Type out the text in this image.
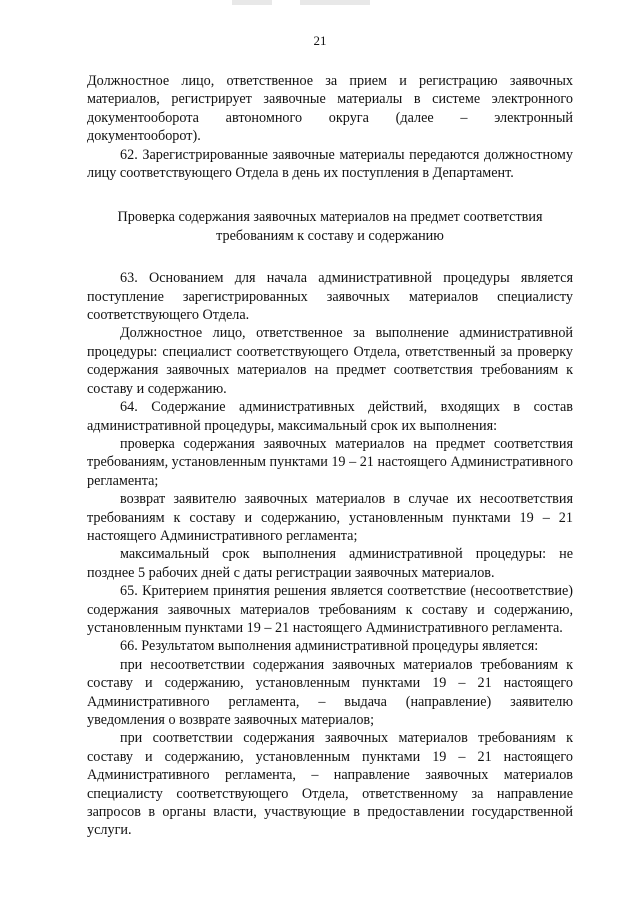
21

Должностное лицо, ответственное за прием и регистрацию заявочных материалов, регистрирует заявочные материалы в системе электронного документооборота автономного округа (далее – электронный документооборот).

62. Зарегистрированные заявочные материалы передаются должностному лицу соответствующего Отдела в день их поступления в Департамент.

Проверка содержания заявочных материалов на предмет соответствия
требованиям к составу и содержанию

63. Основанием для начала административной процедуры является поступление зарегистрированных заявочных материалов специалисту соответствующего Отдела.

Должностное лицо, ответственное за выполнение административной процедуры: специалист соответствующего Отдела, ответственный за проверку содержания заявочных материалов на предмет соответствия требованиям к составу и содержанию.

64. Содержание административных действий, входящих в состав административной процедуры, максимальный срок их выполнения:

проверка содержания заявочных материалов на предмет соответствия требованиям, установленным пунктами 19 – 21 настоящего Административного регламента;

возврат заявителю заявочных материалов в случае их несоответствия требованиям к составу и содержанию, установленным пунктами 19 – 21 настоящего Административного регламента;

максимальный срок выполнения административной процедуры: не позднее 5 рабочих дней с даты регистрации заявочных материалов.

65. Критерием принятия решения является соответствие (несоответствие) содержания заявочных материалов требованиям к составу и содержанию, установленным пунктами 19 – 21 настоящего Административного регламента.

66. Результатом выполнения административной процедуры является:

при несоответствии содержания заявочных материалов требованиям к составу и содержанию, установленным пунктами 19 – 21 настоящего Административного регламента, – выдача (направление) заявителю уведомления о возврате заявочных материалов;

при соответствии содержания заявочных материалов требованиям к составу и содержанию, установленным пунктами 19 – 21 настоящего Административного регламента, – направление заявочных материалов специалисту соответствующего Отдела, ответственному за направление запросов в органы власти, участвующие в предоставлении государственной услуги.
